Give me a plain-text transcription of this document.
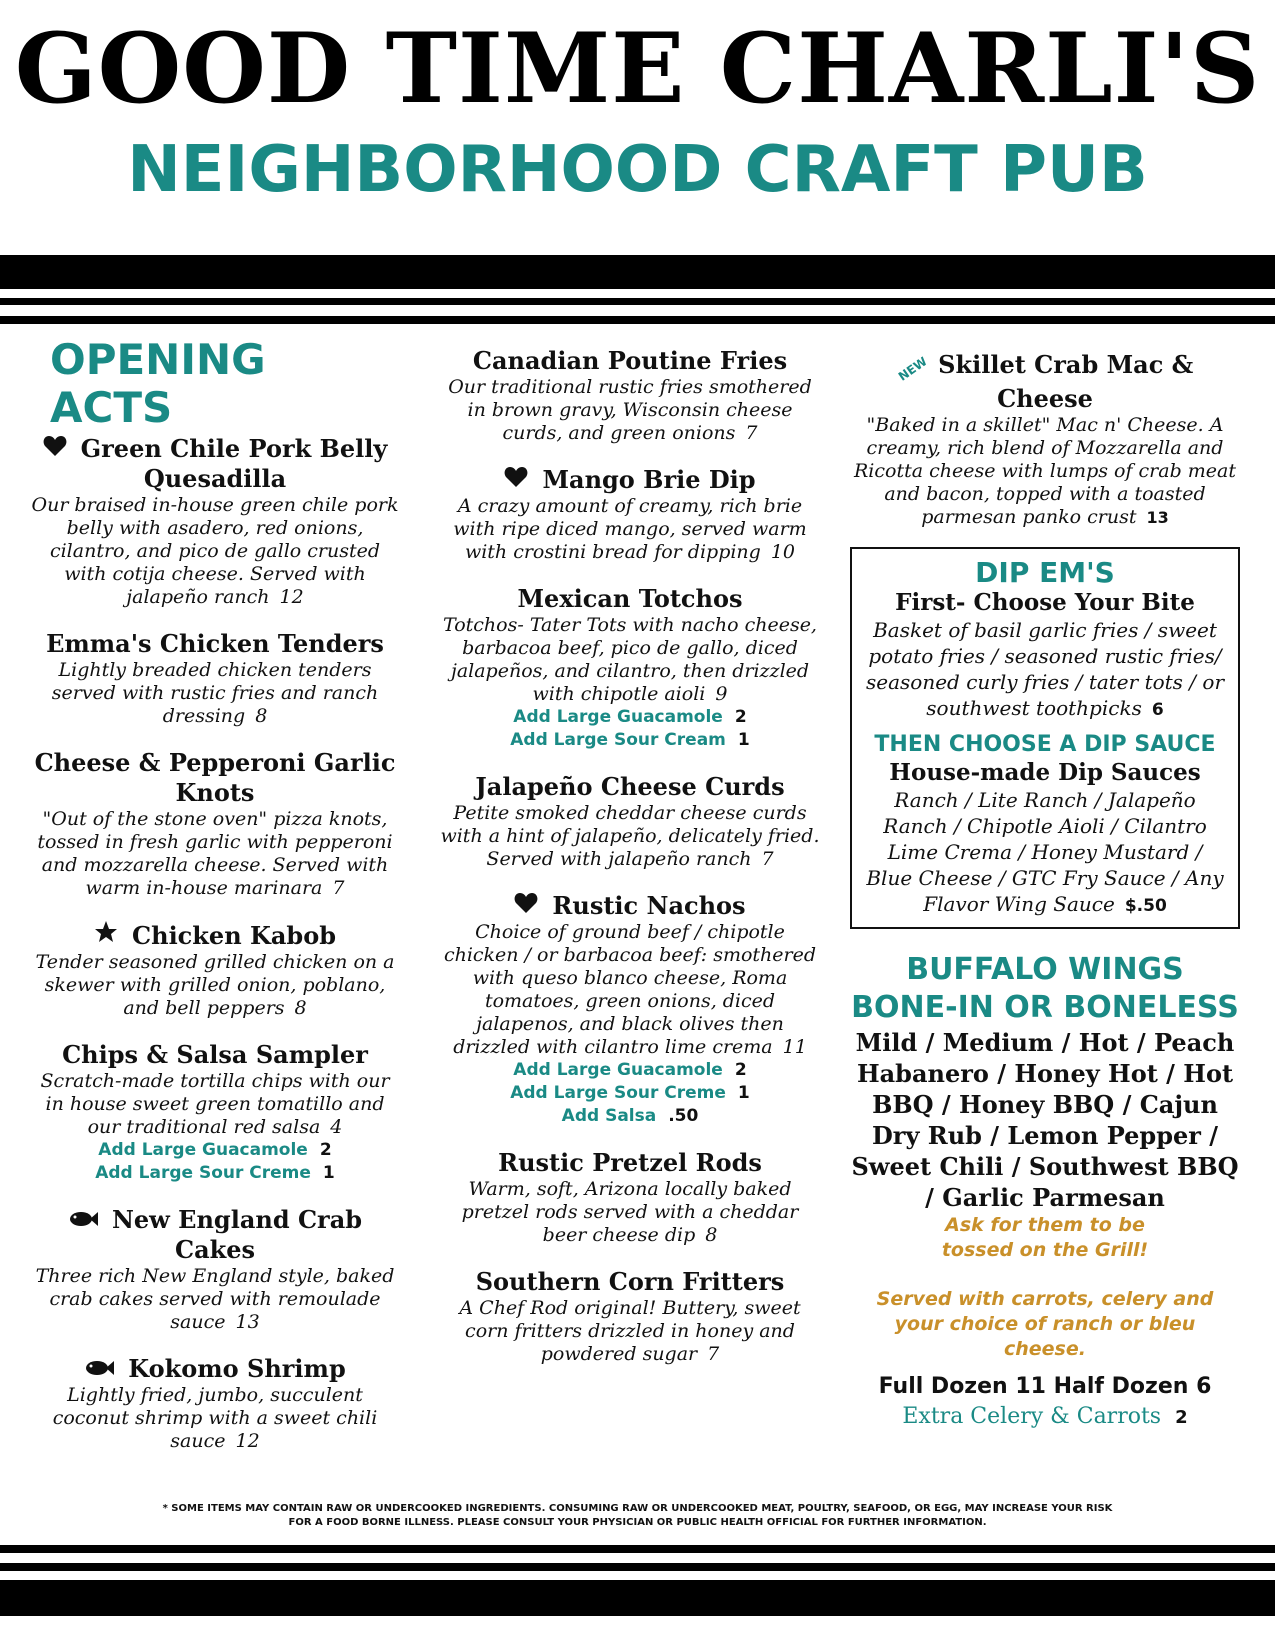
GOOD TIME CHARLI'S
NEIGHBORHOOD CRAFT PUB
OPENING ACTS
Green Chile Pork Belly Quesadilla
Our braised in-house green chile pork belly with asadero, red onions, cilantro, and pico de gallo crusted with cotija cheese. Served with jalapeño ranch 12
Emma's Chicken Tenders
Lightly breaded chicken tenders served with rustic fries and ranch dressing 8
Cheese & Pepperoni Garlic Knots
"Out of the stone oven" pizza knots, tossed in fresh garlic with pepperoni and mozzarella cheese. Served with warm in-house marinara 7
Chicken Kabob
Tender seasoned grilled chicken on a skewer with grilled onion, poblano, and bell peppers 8
Chips & Salsa Sampler
Scratch-made tortilla chips with our in house sweet green tomatillo and our traditional red salsa 4
Add Large Guacamole 2
Add Large Sour Creme 1
New England Crab Cakes
Three rich New England style, baked crab cakes served with remoulade sauce 13
Kokomo Shrimp
Lightly fried, jumbo, succulent coconut shrimp with a sweet chili sauce 12
Canadian Poutine Fries
Our traditional rustic fries smothered in brown gravy, Wisconsin cheese curds, and green onions 7
Mango Brie Dip
A crazy amount of creamy, rich brie with ripe diced mango, served warm with crostini bread for dipping 10
Mexican Totchos
Totchos- Tater Tots with nacho cheese, barbacoa beef, pico de gallo, diced jalapeños, and cilantro, then drizzled with chipotle aioli 9
Add Large Guacamole 2
Add Large Sour Cream 1
Jalapeño Cheese Curds
Petite smoked cheddar cheese curds with a hint of jalapeño, delicately fried. Served with jalapeño ranch 7
Rustic Nachos
Choice of ground beef / chipotle chicken / or barbacoa beef: smothered with queso blanco cheese, Roma tomatoes, green onions, diced jalapenos, and black olives then drizzled with cilantro lime crema 11
Add Large Guacamole 2
Add Large Sour Creme 1
Add Salsa .50
Rustic Pretzel Rods
Warm, soft, Arizona locally baked pretzel rods served with a cheddar beer cheese dip 8
Southern Corn Fritters
A Chef Rod original! Buttery, sweet corn fritters drizzled in honey and powdered sugar 7
NEW Skillet Crab Mac & Cheese
"Baked in a skillet" Mac n' Cheese. A creamy, rich blend of Mozzarella and Ricotta cheese with lumps of crab meat and bacon, topped with a toasted parmesan panko crust 13
DIP EM'S
First- Choose Your Bite
Basket of basil garlic fries / sweet potato fries / seasoned rustic fries/ seasoned curly fries / tater tots / or southwest toothpicks 6
THEN CHOOSE A DIP SAUCE
House-made Dip Sauces
Ranch / Lite Ranch / Jalapeño Ranch / Chipotle Aioli / Cilantro Lime Crema / Honey Mustard / Blue Cheese / GTC Fry Sauce / Any Flavor Wing Sauce $.50
BUFFALO WINGS
BONE-IN OR BONELESS
Mild / Medium / Hot / Peach Habanero / Honey Hot / Hot BBQ / Honey BBQ / Cajun Dry Rub / Lemon Pepper / Sweet Chili / Southwest BBQ / Garlic Parmesan
Ask for them to be tossed on the Grill!
Served with carrots, celery and your choice of ranch or bleu cheese.
Full Dozen 11 Half Dozen 6
Extra Celery & Carrots 2
* SOME ITEMS MAY CONTAIN RAW OR UNDERCOOKED INGREDIENTS. CONSUMING RAW OR UNDERCOOKED MEAT, POULTRY, SEAFOOD, OR EGG, MAY INCREASE YOUR RISK FOR A FOOD BORNE ILLNESS. PLEASE CONSULT YOUR PHYSICIAN OR PUBLIC HEALTH OFFICIAL FOR FURTHER INFORMATION.
